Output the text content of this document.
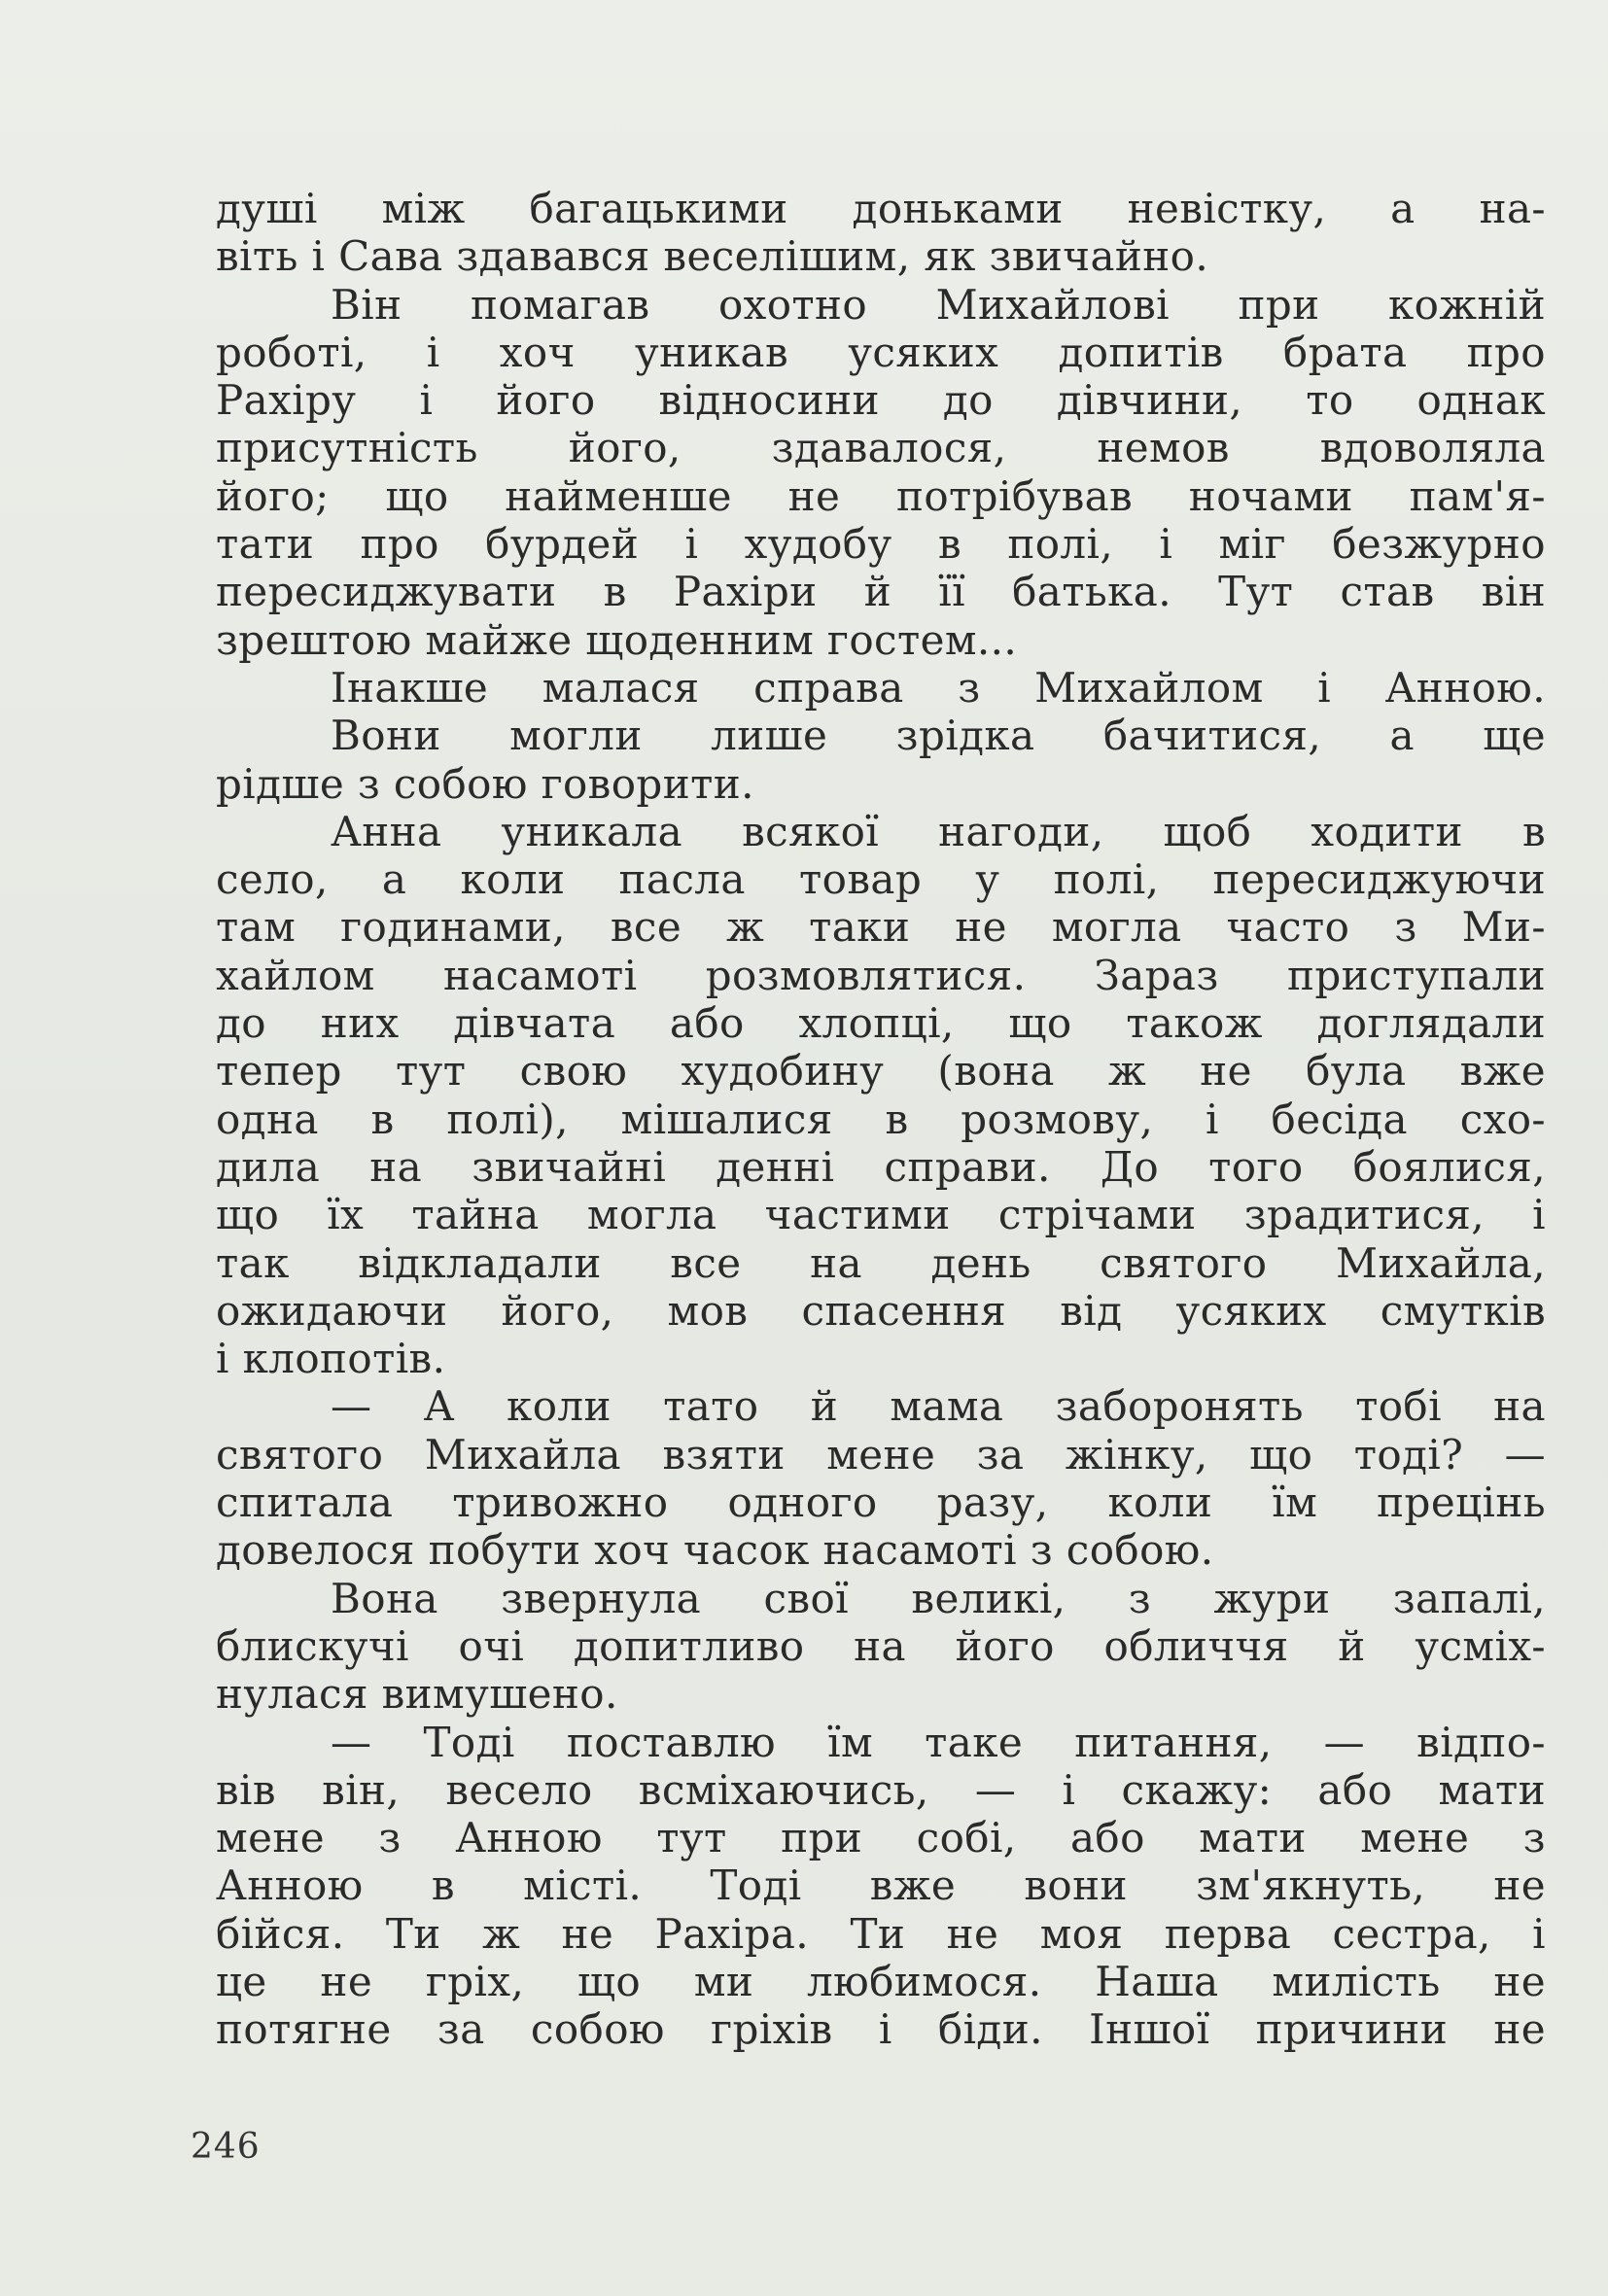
душі між багацькими доньками невістку, а на-
віть і Сава здавався веселішим, як звичайно.
Він помагав охотно Михайлові при кожній
роботі, і хоч уникав усяких допитів брата про
Рахіру і його відносини до дівчини, то однак
присутність його, здавалося, немов вдоволяла
його; що найменше не потрібував ночами пам'я-
тати про бурдей і худобу в полі, і міг безжурно
пересиджувати в Рахіри й її батька. Тут став він
зрештою майже щоденним гостем...
Інакше малася справа з Михайлом і Анною.
Вони могли лише зрідка бачитися, а ще
рідше з собою говорити.
Анна уникала всякої нагоди, щоб ходити в
село, а коли пасла товар у полі, пересиджуючи
там годинами, все ж таки не могла часто з Ми-
хайлом насамоті розмовлятися. Зараз приступали
до них дівчата або хлопці, що також доглядали
тепер тут свою худобину (вона ж не була вже
одна в полі), мішалися в розмову, і бесіда схо-
дила на звичайні денні справи. До того боялися,
що їх тайна могла частими стрічами зрадитися, і
так відкладали все на день святого Михайла,
ожидаючи його, мов спасення від усяких смутків
і клопотів.
— А коли тато й мама заборонять тобі на
святого Михайла взяти мене за жінку, що тоді? —
спитала тривожно одного разу, коли їм прецінь
довелося побути хоч часок насамоті з собою.
Вона звернула свої великі, з жури запалі,
блискучі очі допитливо на його обличчя й усміх-
нулася вимушено.
— Тоді поставлю їм таке питання, — відпо-
вів він, весело всміхаючись, — і скажу: або мати
мене з Анною тут при собі, або мати мене з
Анною в місті. Тоді вже вони зм'якнуть, не
бійся. Ти ж не Рахіра. Ти не моя перва сестра, і
це не гріх, що ми любимося. Наша милість не
потягне за собою гріхів і біди. Іншої причини не
246
